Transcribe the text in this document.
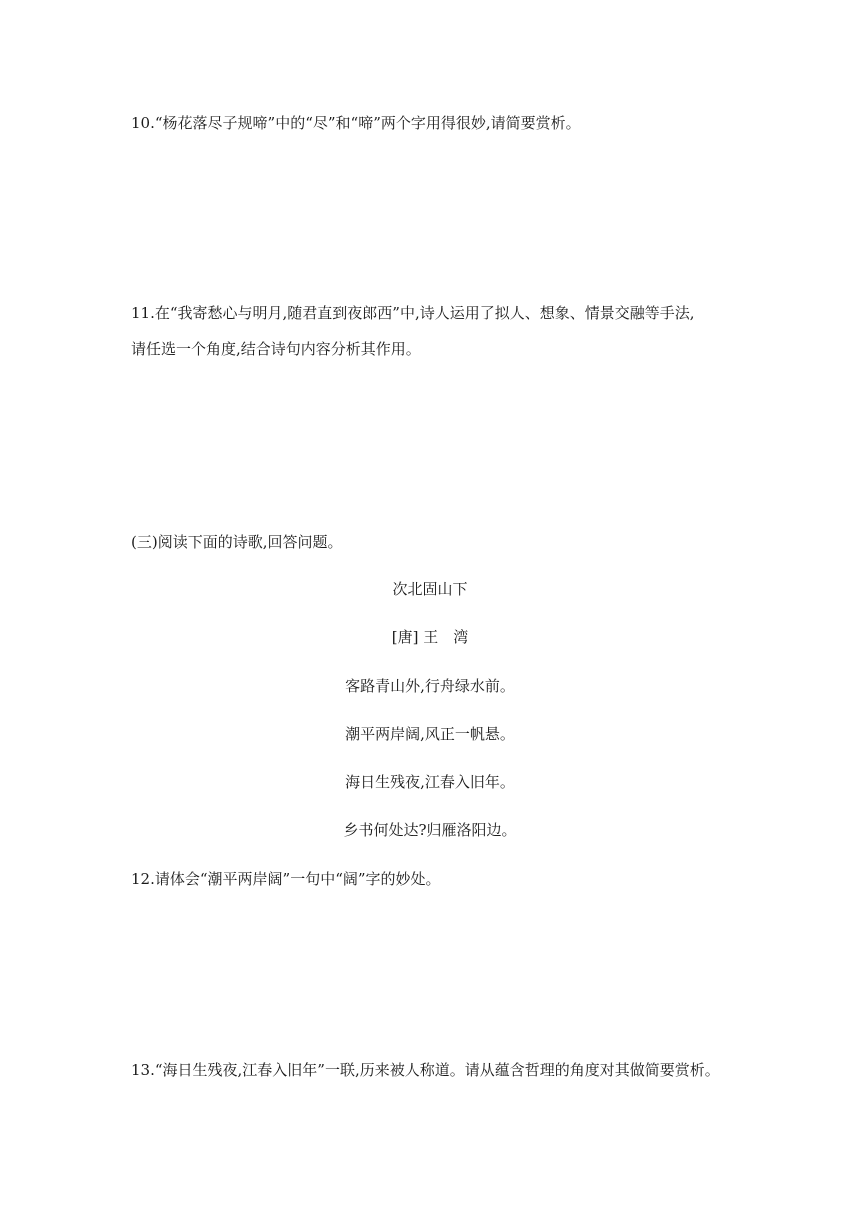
10.“杨花落尽子规啼”中的“尽”和“啼”两个字用得很妙,请简要赏析。
11.在“我寄愁心与明月,随君直到夜郎西”中,诗人运用了拟人、想象、情景交融等手法,
请任选一个角度,结合诗句内容分析其作用。
(三)阅读下面的诗歌,回答问题。
次北固山下
[唐] 王　湾
客路青山外,行舟绿水前。
潮平两岸阔,风正一帆悬。
海日生残夜,江春入旧年。
乡书何处达?归雁洛阳边。
12.请体会“潮平两岸阔”一句中“阔”字的妙处。
13.“海日生残夜,江春入旧年”一联,历来被人称道。请从蕴含哲理的角度对其做简要赏析。
